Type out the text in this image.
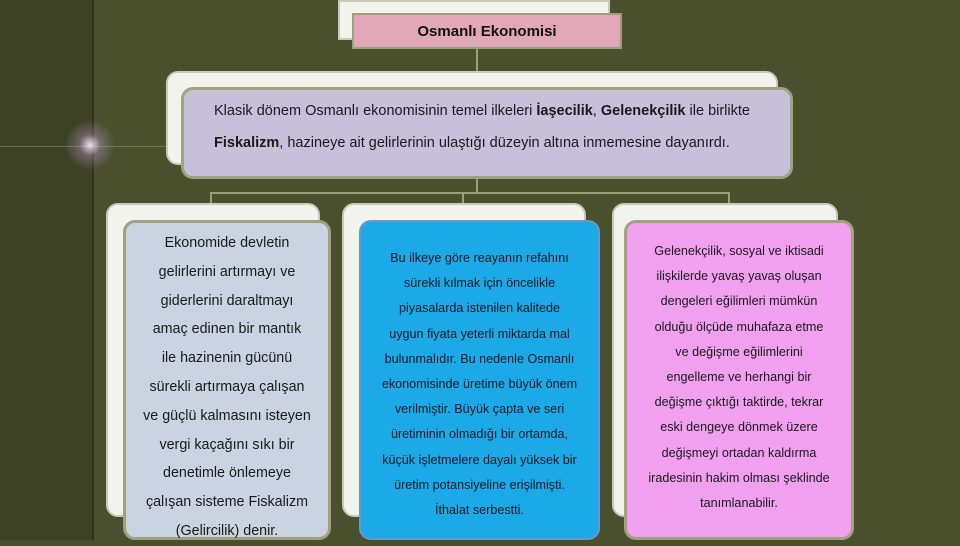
Osmanlı Ekonomisi
Klasik dönem Osmanlı ekonomisinin temel ilkeleri İaşecilik, Gelenekçilik ile birlikte Fiskalizm, hazineye ait gelirlerinin ulaştığı düzeyin altına inmemesine dayanırdı.
Ekonomide devletin
gelirlerini artırmayı ve
giderlerini daraltmayı
amaç edinen bir mantık
ile hazinenin gücünü
sürekli artırmaya çalışan
ve güçlü kalmasını isteyen
vergi kaçağını sıkı bir
denetimle önlemeye
çalışan sisteme Fiskalizm
(Gelircilik) denir.
Bu ilkeye göre reayanın refahını
sürekli kılmak için öncelikle
piyasalarda istenilen kalitede
uygun fiyata yeterli miktarda mal
bulunmalıdır. Bu nedenle Osmanlı
ekonomisinde üretime büyük önem
verilmiştir. Büyük çapta ve seri
üretiminin olmadığı bir ortamda,
küçük işletmelere dayalı yüksek bir
üretim potansiyeline erişilmişti.
İthalat serbestti.
Gelenekçilik, sosyal ve iktisadi
ilişkilerde yavaş yavaş oluşan
dengeleri eğilimleri mümkün
olduğu ölçüde muhafaza etme
ve değişme eğilimlerini
engelleme ve herhangi bir
değişme çıktığı taktirde, tekrar
eski dengeye dönmek üzere
değişmeyi ortadan kaldırma
iradesinin hakim olması şeklinde
tanımlanabilir.
